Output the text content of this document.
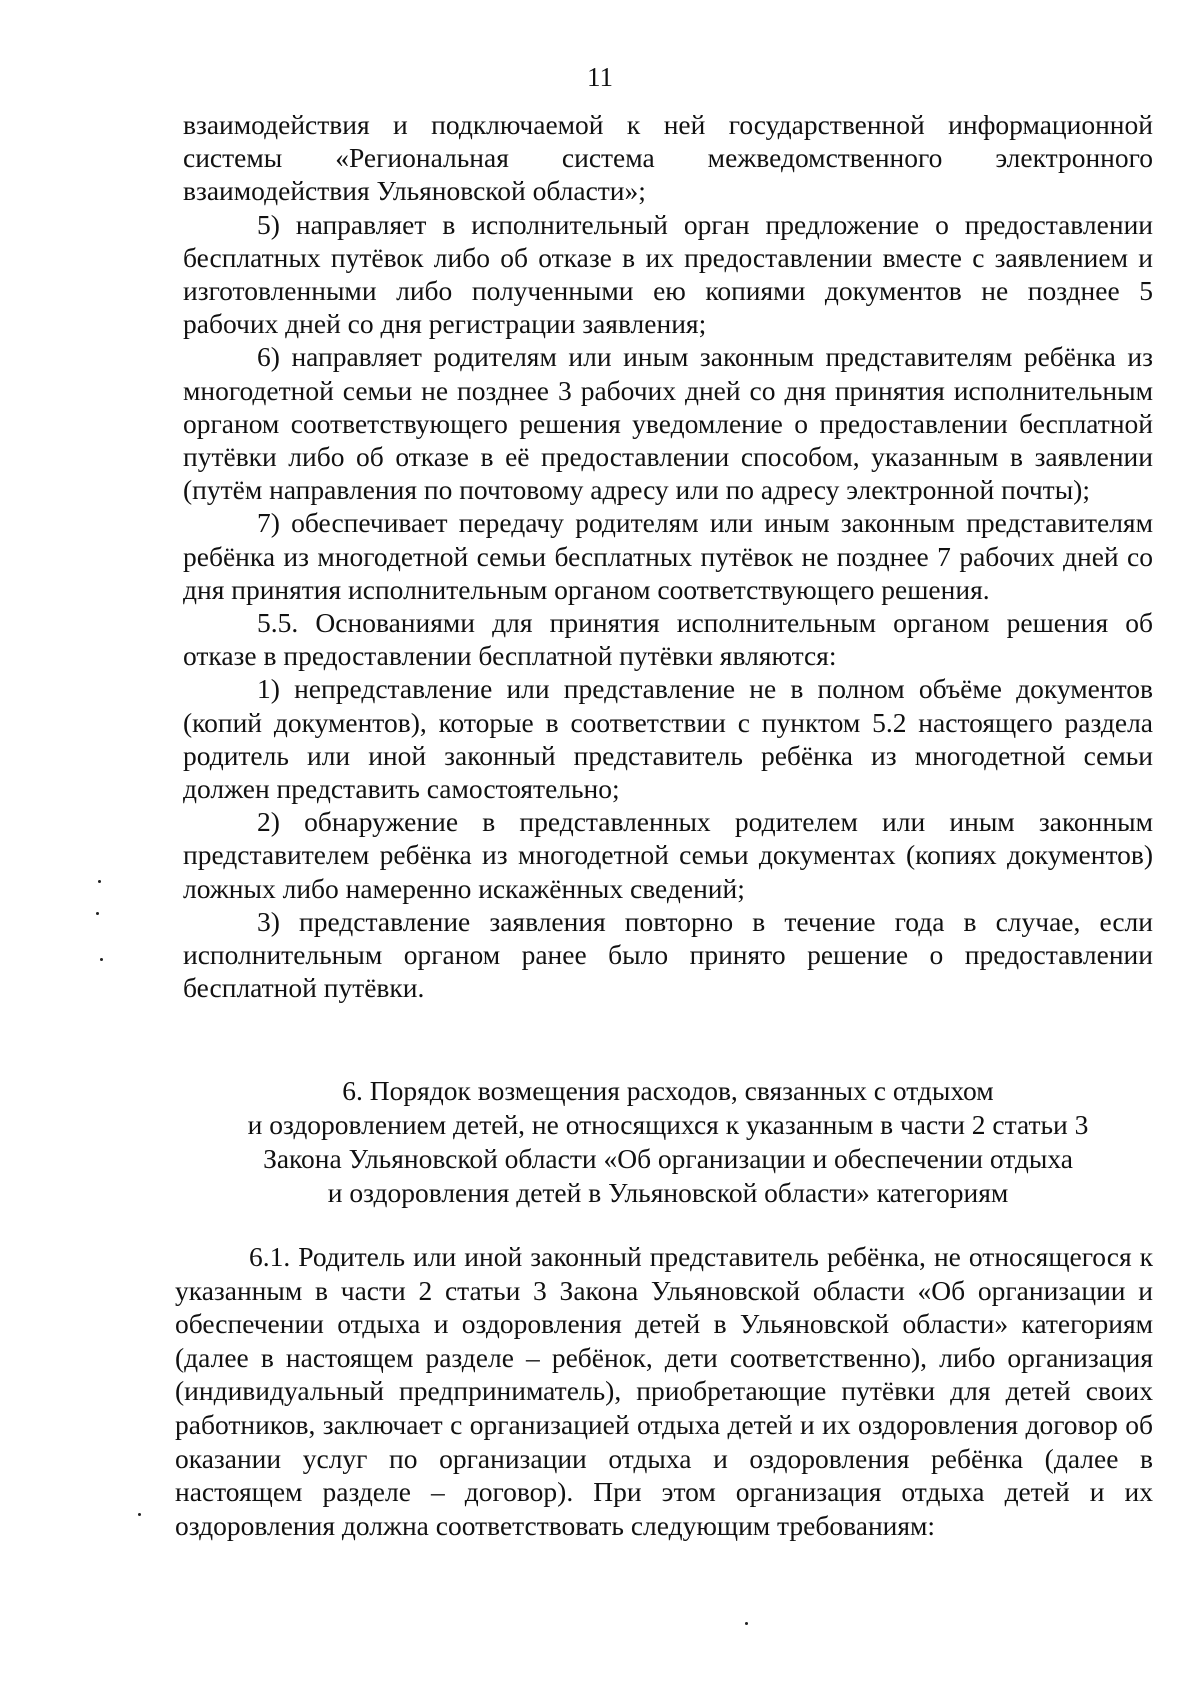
11

взаимодействия и подключаемой к ней государственной информационной системы «Региональная система межведомственного электронного взаимодействия Ульяновской области»;

5) направляет в исполнительный орган предложение о предоставлении бесплатных путёвок либо об отказе в их предоставлении вместе с заявлением и изготовленными либо полученными ею копиями документов не позднее 5 рабочих дней со дня регистрации заявления;

6) направляет родителям или иным законным представителям ребёнка из многодетной семьи не позднее 3 рабочих дней со дня принятия исполнительным органом соответствующего решения уведомление о предоставлении бесплатной путёвки либо об отказе в её предоставлении способом, указанным в заявлении (путём направления по почтовому адресу или по адресу электронной почты);

7) обеспечивает передачу родителям или иным законным представителям ребёнка из многодетной семьи бесплатных путёвок не позднее 7 рабочих дней со дня принятия исполнительным органом соответствующего решения.

5.5. Основаниями для принятия исполнительным органом решения об отказе в предоставлении бесплатной путёвки являются:

1) непредставление или представление не в полном объёме документов (копий документов), которые в соответствии с пунктом 5.2 настоящего раздела родитель или иной законный представитель ребёнка из многодетной семьи должен представить самостоятельно;

2) обнаружение в представленных родителем или иным законным представителем ребёнка из многодетной семьи документах (копиях документов) ложных либо намеренно искажённых сведений;

3) представление заявления повторно в течение года в случае, если исполнительным органом ранее было принято решение о предоставлении бесплатной путёвки.

6. Порядок возмещения расходов, связанных с отдыхом
и оздоровлением детей, не относящихся к указанным в части 2 статьи 3
Закона Ульяновской области «Об организации и обеспечении отдыха
и оздоровления детей в Ульяновской области» категориям

6.1. Родитель или иной законный представитель ребёнка, не относящегося к указанным в части 2 статьи 3 Закона Ульяновской области «Об организации и обеспечении отдыха и оздоровления детей в Ульяновской области» категориям (далее в настоящем разделе – ребёнок, дети соответственно), либо организация (индивидуальный предприниматель), приобретающие путёвки для детей своих работников, заключает с организацией отдыха детей и их оздоровления договор об оказании услуг по организации отдыха и оздоровления ребёнка (далее в настоящем разделе – договор). При этом организация отдыха детей и их оздоровления должна соответствовать следующим требованиям:
